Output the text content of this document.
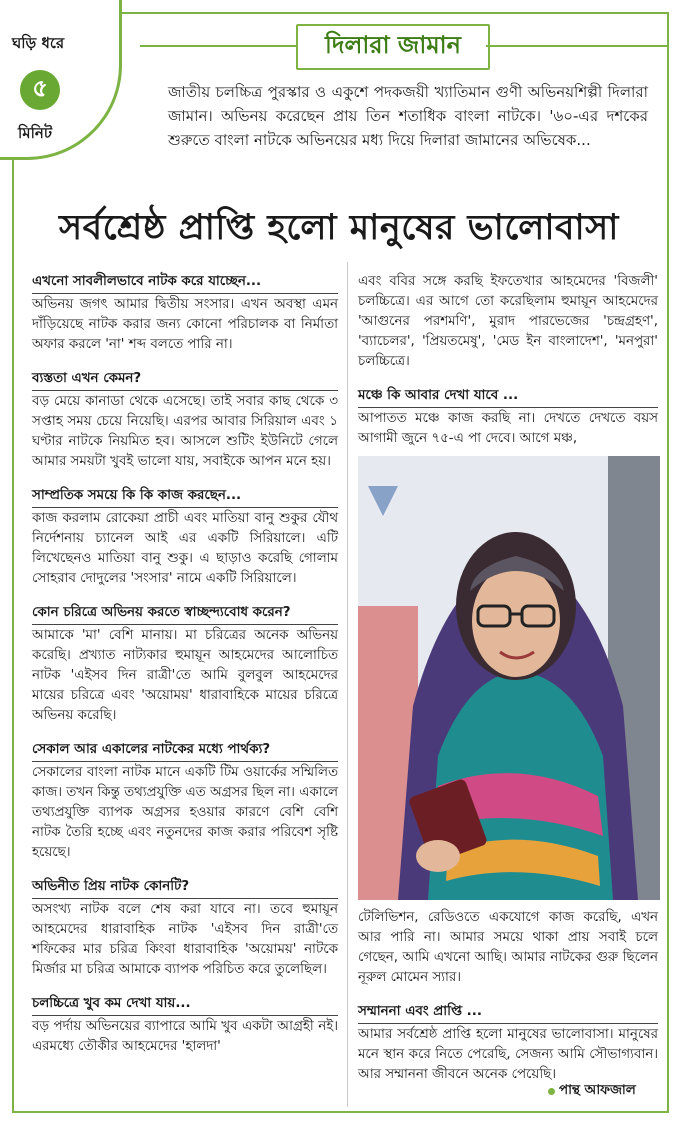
ঘড়ি ধরে
৫
মিনিট
দিলারা জামান
জাতীয় চলচ্চিত্র পুরস্কার ও একুশে পদকজয়ী খ্যাতিমান গুণী অভিনয়শিল্পী দিলারা জামান। অভিনয় করেছেন প্রায় তিন শতাধিক বাংলা নাটকে। '৬০-এর দশকের শুরুতে বাংলা নাটকে অভিনয়ের মধ্য দিয়ে দিলারা জামানের অভিষেক...
সর্বশ্রেষ্ঠ প্রাপ্তি হলো মানুষের ভালোবাসা
এখনো সাবলীলভাবে নাটক করে যাচ্ছেন...
অভিনয় জগৎ আমার দ্বিতীয় সংসার। এখন অবস্থা এমন দাঁড়িয়েছে নাটক করার জন্য কোনো পরিচালক বা নির্মাতা অফার করলে 'না' শব্দ বলতে পারি না।
ব্যস্ততা এখন কেমন?
বড় মেয়ে কানাডা থেকে এসেছে। তাই সবার কাছ থেকে ৩ সপ্তাহ সময় চেয়ে নিয়েছি। এরপর আবার সিরিয়াল এবং ১ ঘণ্টার নাটকে নিয়মিত হব। আসলে শুটিং ইউনিটে গেলে আমার সময়টা খুবই ভালো যায়, সবাইকে আপন মনে হয়।
সাম্প্রতিক সময়ে কি কি কাজ করছেন...
কাজ করলাম রোকেয়া প্রাচী এবং মাতিয়া বানু শুকুর যৌথ নির্দেশনায় চ্যানেল আই এর একটি সিরিয়ালে। এটি লিখেছেনও মাতিয়া বানু শুকু। এ ছাড়াও করেছি গোলাম সোহরাব দোদুলের 'সংসার' নামে একটি সিরিয়ালে।
কোন চরিত্রে অভিনয় করতে স্বাচ্ছন্দ্যবোধ করেন?
আমাকে 'মা' বেশি মানায়। মা চরিত্রের অনেক অভিনয় করেছি। প্রখ্যাত নাট্যকার হুমায়ূন আহমেদের আলোচিত নাটক 'এইসব দিন রাত্রী'তে আমি বুলবুল আহমেদের মায়ের চরিত্রে এবং 'অয়োময়' ধারাবাহিকে মায়ের চরিত্রে অভিনয় করেছি।
সেকাল আর একালের নাটকের মধ্যে পার্থক্য?
সেকালের বাংলা নাটক মানে একটি টিম ওয়ার্কের সম্মিলিত কাজ। তখন কিন্তু তথ্যপ্রযুক্তি এত অগ্রসর ছিল না। একালে তথ্যপ্রযুক্তি ব্যাপক অগ্রসর হওয়ার কারণে বেশি বেশি নাটক তৈরি হচ্ছে এবং নতুনদের কাজ করার পরিবেশ সৃষ্টি হয়েছে।
অভিনীত প্রিয় নাটক কোনটি?
অসংখ্য নাটক বলে শেষ করা যাবে না। তবে হুমায়ূন আহমেদের ধারাবাহিক নাটক 'এইসব দিন রাত্রী'তে শফিকের মার চরিত্র কিংবা ধারাবাহিক 'অয়োময়' নাটকে মির্জার মা চরিত্র আমাকে ব্যাপক পরিচিত করে তুলেছিল।
চলচ্চিত্রে খুব কম দেখা যায়...
বড় পর্দায় অভিনয়ের ব্যাপারে আমি খুব একটা আগ্রহী নই। এরমধ্যে তৌকীর আহমেদের 'হালদা'
এবং ববির সঙ্গে করছি ইফতেখার আহমেদের 'বিজলী' চলচ্চিত্রে। এর আগে তো করেছিলাম হুমায়ূন আহমেদের 'আগুনের পরশমণি', মুরাদ পারভেজের 'চন্দ্রগ্রহণ', 'ব্যাচেলর', 'প্রিয়তমেষু', 'মেড ইন বাংলাদেশ', 'মনপুরা' চলচ্চিত্রে।
মঞ্চে কি আবার দেখা যাবে ...
আপাতত মঞ্চে কাজ করছি না। দেখতে দেখতে বয়স আগামী জুনে ৭৫-এ পা দেবে। আগে মঞ্চ,
টেলিভিশন, রেডিওতে একযোগে কাজ করেছি, এখন আর পারি না। আমার সময়ে থাকা প্রায় সবাই চলে গেছেন, আমি এখনো আছি। আমার নাটকের গুরু ছিলেন নূরুল মোমেন স্যার।
সম্মাননা এবং প্রাপ্তি ...
আমার সর্বশ্রেষ্ঠ প্রাপ্তি হলো মানুষের ভালোবাসা। মানুষের মনে স্থান করে নিতে পেরেছি, সেজন্য আমি সৌভাগ্যবান। আর সম্মাননা জীবনে অনেক পেয়েছি।
পান্থ আফজাল
